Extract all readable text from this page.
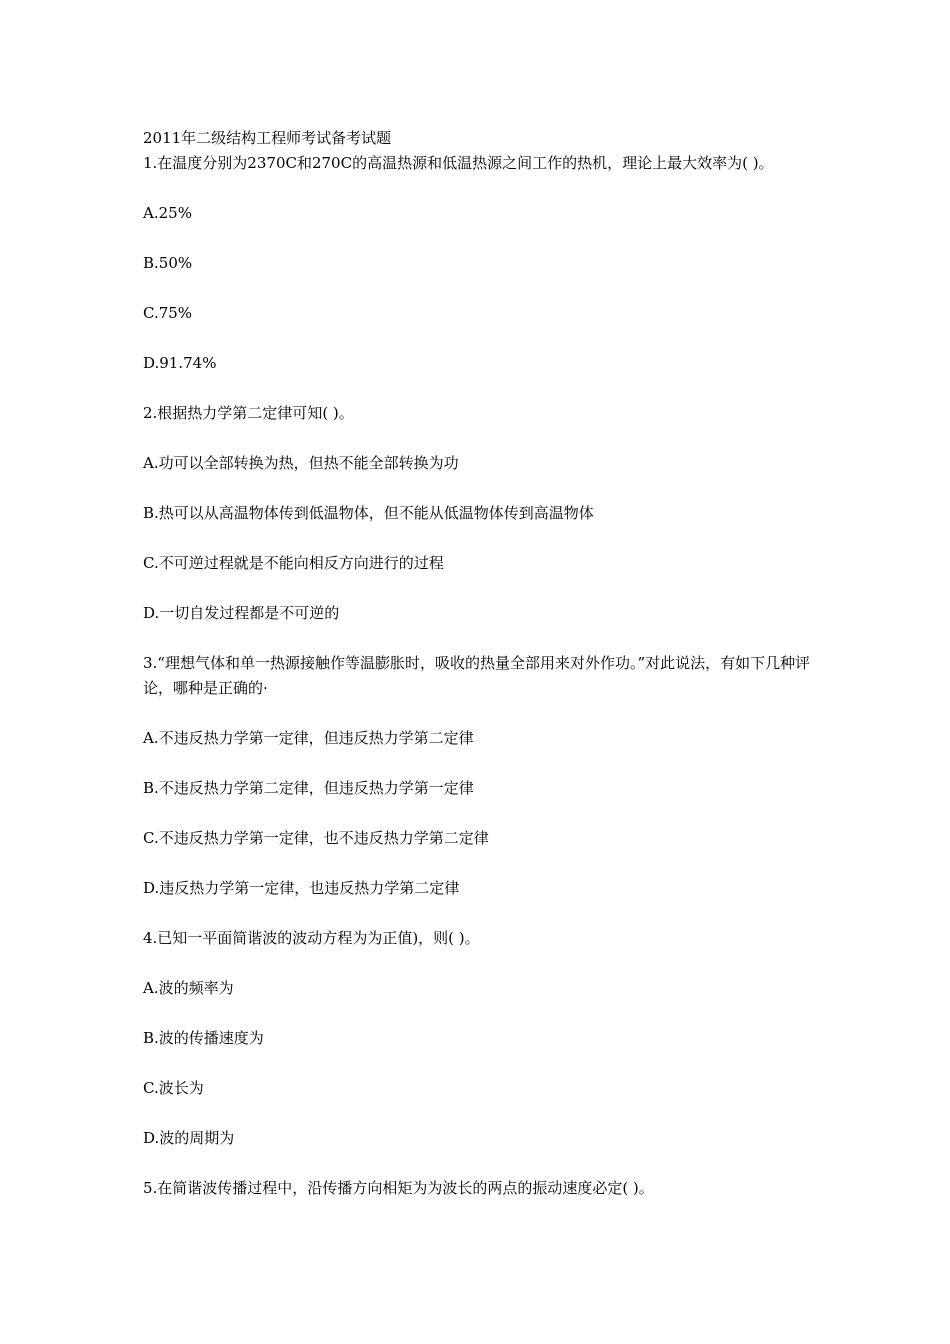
2011年二级结构工程师考试备考试题

1.在温度分别为2370C和270C的高温热源和低温热源之间工作的热机，理论上最大效率为( )。

A.25%

B.50%

C.75%

D.91.74%

2.根据热力学第二定律可知( )。

A.功可以全部转换为热，但热不能全部转换为功

B.热可以从高温物体传到低温物体，但不能从低温物体传到高温物体

C.不可逆过程就是不能向相反方向进行的过程

D.一切自发过程都是不可逆的

3.“理想气体和单一热源接触作等温膨胀时，吸收的热量全部用来对外作功。”对此说法，有如下几种评论，哪种是正确的·

A.不违反热力学第一定律，但违反热力学第二定律

B.不违反热力学第二定律，但违反热力学第一定律

C.不违反热力学第一定律，也不违反热力学第二定律

D.违反热力学第一定律，也违反热力学第二定律

4.已知一平面简谐波的波动方程为为正值)，则( )。

A.波的频率为

B.波的传播速度为

C.波长为

D.波的周期为

5.在简谐波传播过程中，沿传播方向相矩为为波长的两点的振动速度必定( )。
